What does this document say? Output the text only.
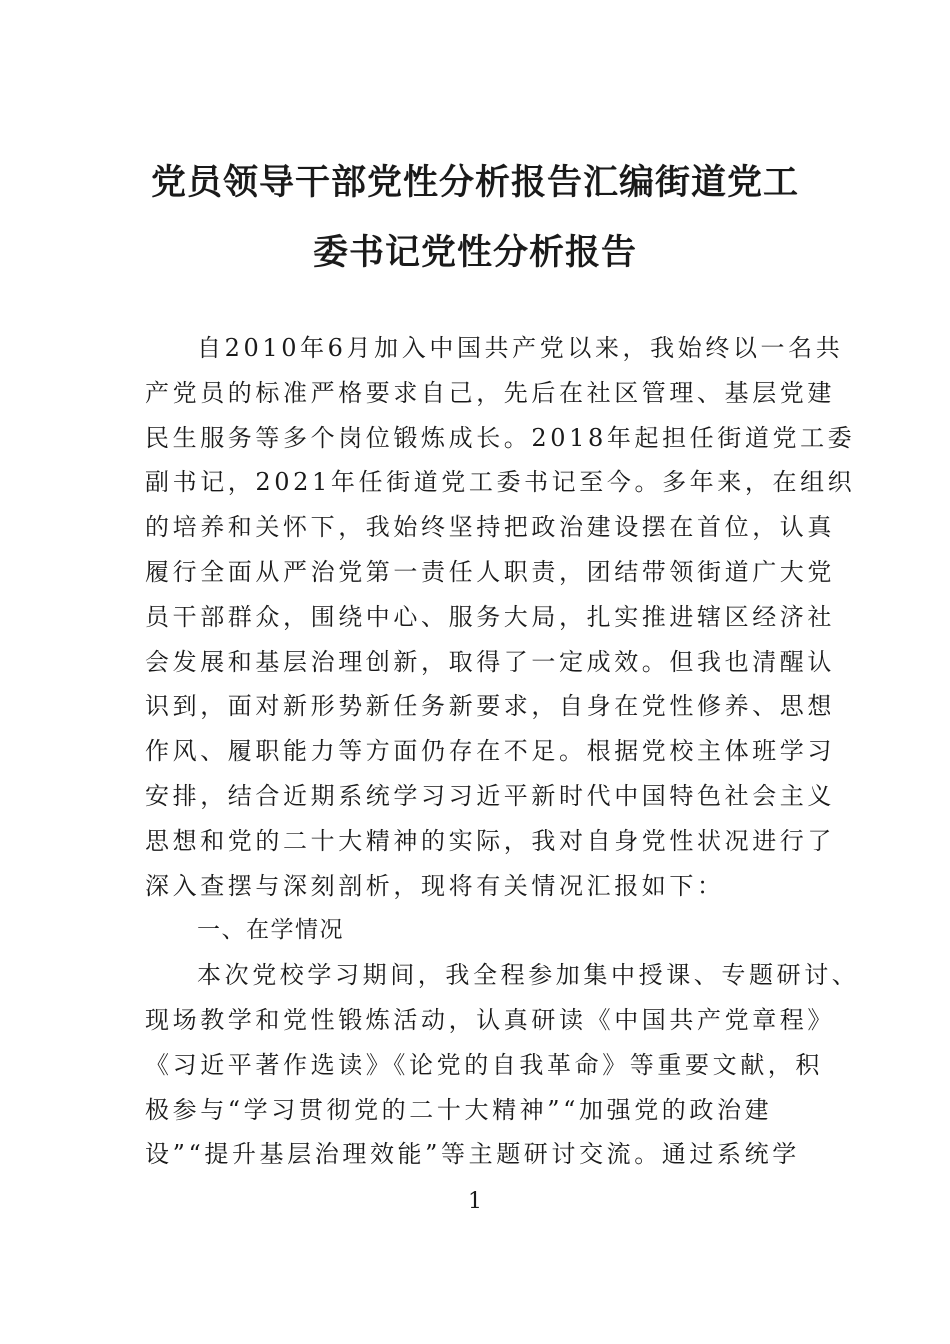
党员领导干部党性分析报告汇编街道党工
委书记党性分析报告
自2010年6月加入中国共产党以来，我始终以一名共
产党员的标准严格要求自己，先后在社区管理、基层党建
民生服务等多个岗位锻炼成长。2018年起担任街道党工委
副书记，2021年任街道党工委书记至今。多年来，在组织
的培养和关怀下，我始终坚持把政治建设摆在首位，认真
履行全面从严治党第一责任人职责，团结带领街道广大党
员干部群众，围绕中心、服务大局，扎实推进辖区经济社
会发展和基层治理创新，取得了一定成效。但我也清醒认
识到，面对新形势新任务新要求，自身在党性修养、思想
作风、履职能力等方面仍存在不足。根据党校主体班学习
安排，结合近期系统学习习近平新时代中国特色社会主义
思想和党的二十大精神的实际，我对自身党性状况进行了
深入查摆与深刻剖析，现将有关情况汇报如下：
一、在学情况
本次党校学习期间，我全程参加集中授课、专题研讨、
现场教学和党性锻炼活动，认真研读《中国共产党章程》
《习近平著作选读》《论党的自我革命》等重要文献，积
极参与“学习贯彻党的二十大精神”“加强党的政治建
设”“提升基层治理效能”等主题研讨交流。通过系统学
1
